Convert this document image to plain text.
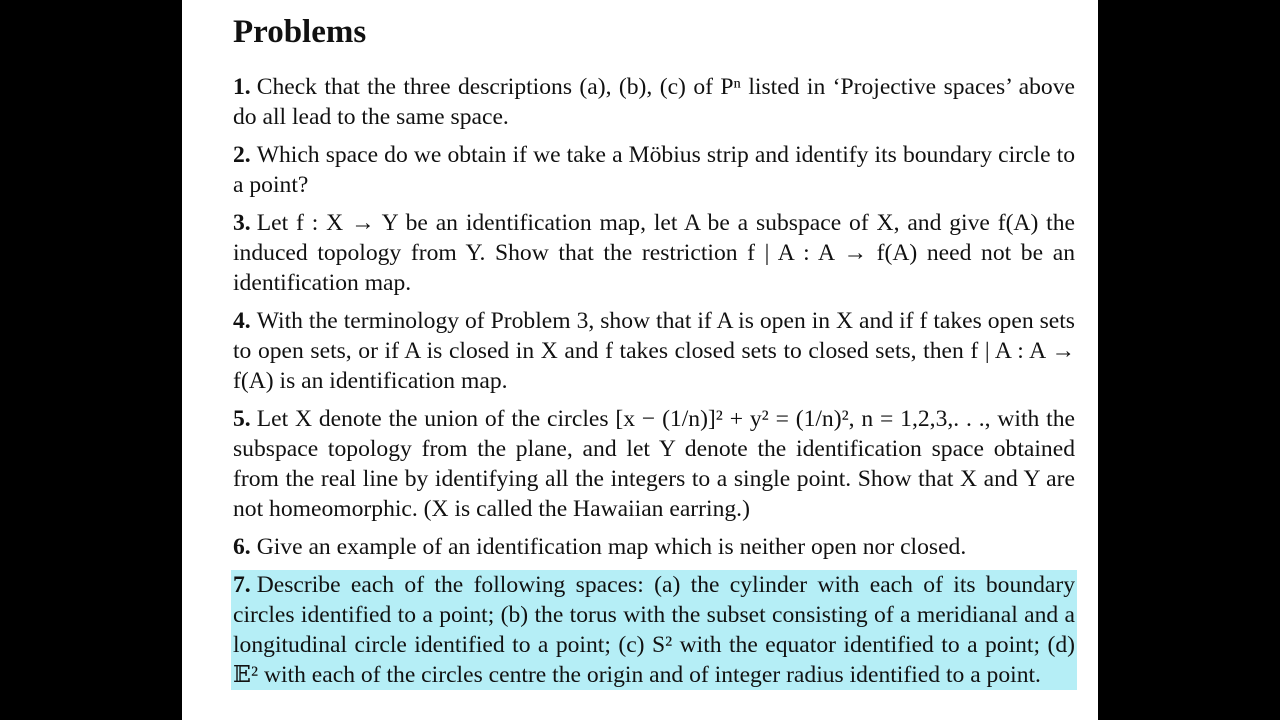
Problems

1. Check that the three descriptions (a), (b), (c) of Pⁿ listed in ‘Projective spaces’ above do all lead to the same space.

2. Which space do we obtain if we take a Möbius strip and identify its boundary circle to a point?

3. Let f : X → Y be an identification map, let A be a subspace of X, and give f(A) the induced topology from Y. Show that the restriction f | A : A → f(A) need not be an identification map.

4. With the terminology of Problem 3, show that if A is open in X and if f takes open sets to open sets, or if A is closed in X and f takes closed sets to closed sets, then f | A : A → f(A) is an identification map.

5. Let X denote the union of the circles [x − (1/n)]² + y² = (1/n)², n = 1,2,3,. . ., with the subspace topology from the plane, and let Y denote the identification space obtained from the real line by identifying all the integers to a single point. Show that X and Y are not homeomorphic. (X is called the Hawaiian earring.)

6. Give an example of an identification map which is neither open nor closed.

7. Describe each of the following spaces: (a) the cylinder with each of its boundary circles identified to a point; (b) the torus with the subset consisting of a meridianal and a longitudinal circle identified to a point; (c) S² with the equator identified to a point; (d) 𝔼² with each of the circles centre the origin and of integer radius identified to a point.
